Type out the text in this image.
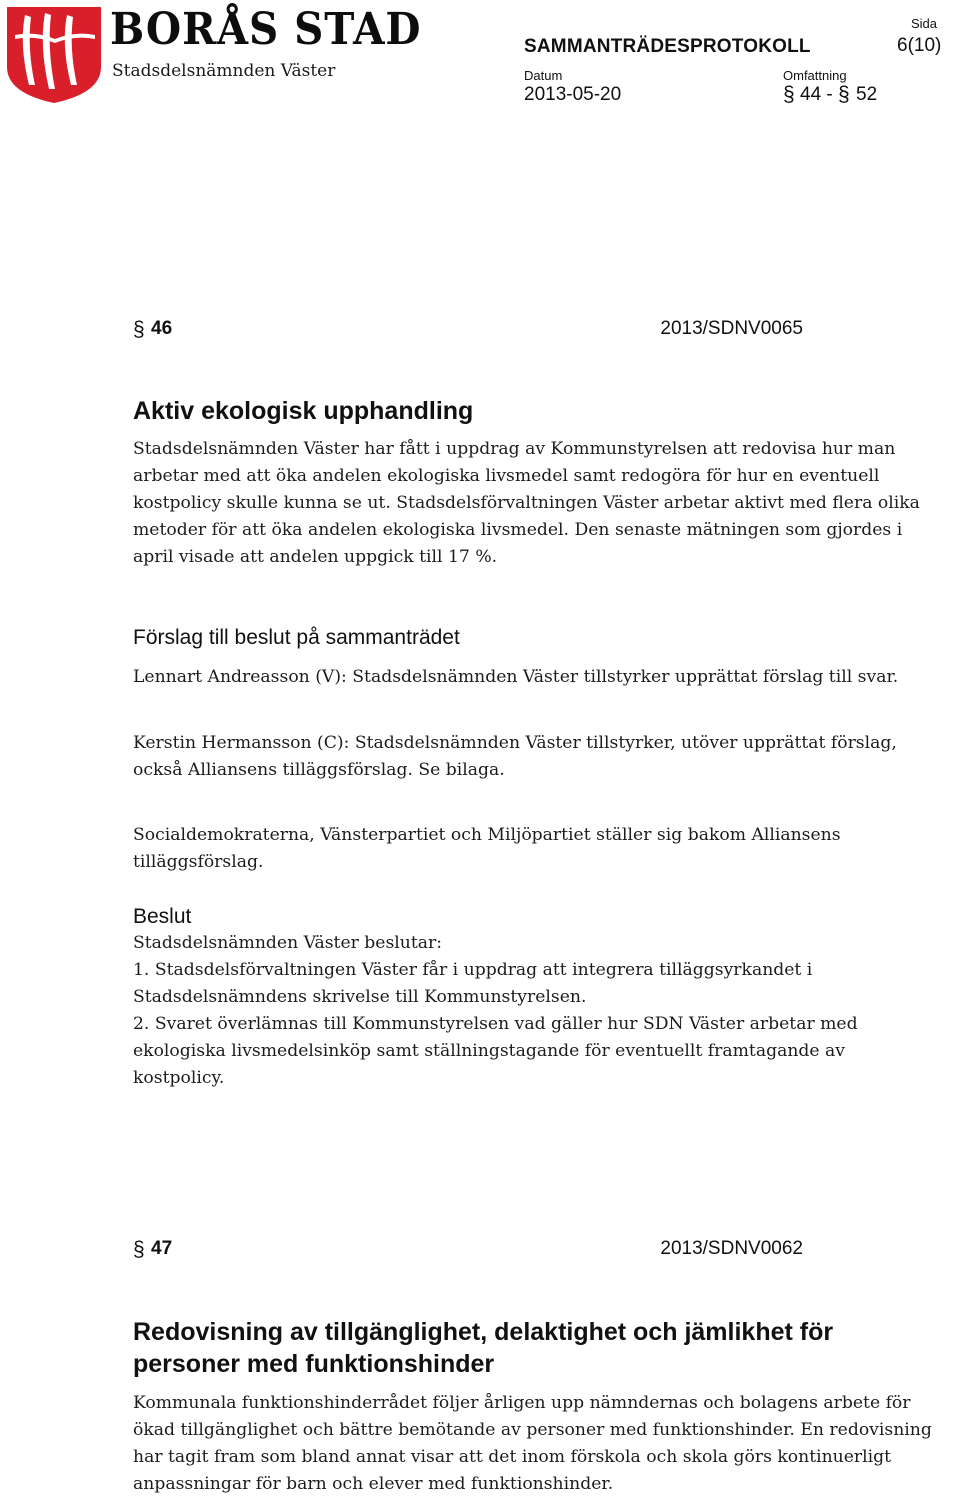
BORÅS STAD
Stadsdelsnämnden Väster
SAMMANTRÄDESPROTOKOLL
Sida
6(10)
Datum
2013-05-20
Omfattning
§ 44 - § 52
§ 46	2013/SDNV0065
Aktiv ekologisk upphandling

Stadsdelsnämnden Väster har fått i uppdrag av Kommunstyrelsen att redovisa hur man arbetar med att öka andelen ekologiska livsmedel samt redogöra för hur en eventuell kostpolicy skulle kunna se ut. Stadsdelsförvaltningen Väster arbetar aktivt med flera olika metoder för att öka andelen ekologiska livsmedel. Den senaste mätningen som gjordes i april visade att andelen uppgick till 17 %.

Förslag till beslut på sammanträdet

Lennart Andreasson (V): Stadsdelsnämnden Väster tillstyrker upprättat förslag till svar.

Kerstin Hermansson (C): Stadsdelsnämnden Väster tillstyrker, utöver upprättat förslag, också Alliansens tilläggsförslag. Se bilaga.

Socialdemokraterna, Vänsterpartiet och Miljöpartiet ställer sig bakom Alliansens tilläggsförslag.

Beslut

Stadsdelsnämnden Väster beslutar:

1. Stadsdelsförvaltningen Väster får i uppdrag att integrera tilläggsyrkandet i Stadsdelsnämndens skrivelse till Kommunstyrelsen.

2. Svaret överlämnas till Kommunstyrelsen vad gäller hur SDN Väster arbetar med ekologiska livsmedelsinköp samt ställningstagande för eventuellt framtagande av kostpolicy.

§ 47	2013/SDNV0062
Redovisning av tillgänglighet, delaktighet och jämlikhet för personer med funktionshinder

Kommunala funktionshinderrådet följer årligen upp nämndernas och bolagens arbete för ökad tillgänglighet och bättre bemötande av personer med funktionshinder. En redovisning har tagit fram som bland annat visar att det inom förskola och skola görs kontinuerligt anpassningar för barn och elever med funktionshinder.
